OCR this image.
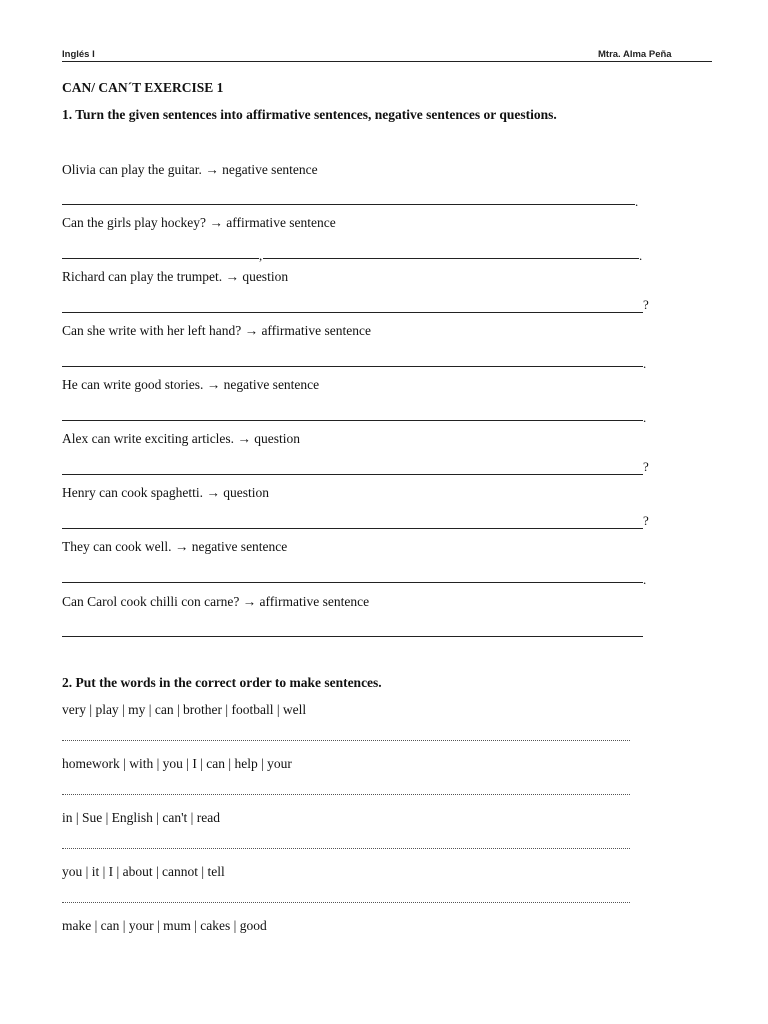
Inglés I	Mtra. Alma Peña
CAN/ CAN´T EXERCISE 1
1. Turn the given sentences into affirmative sentences, negative sentences or questions.
Olivia can play the guitar. → negative sentence
.
Can the girls play hockey? → affirmative sentence
,	.
Richard can play the trumpet. → question
?
Can she write with her left hand? → affirmative sentence
.
He can write good stories. → negative sentence
.
Alex can write exciting articles. → question
?
Henry can cook spaghetti. → question
?
They can cook well. → negative sentence
.
Can Carol cook chilli con carne? → affirmative sentence
2. Put the words in the correct order to make sentences.
very | play | my | can | brother | football | well
homework | with | you | I | can | help | your
in | Sue | English | can't | read
you | it | I | about | cannot | tell
make | can | your | mum | cakes | good
